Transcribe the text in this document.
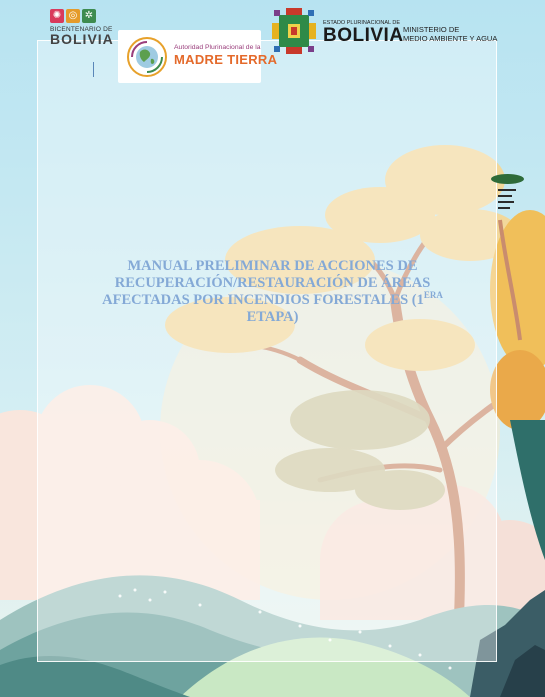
✺ ◎ ✲
BICENTENARIO DE
BOLIVIA
Autoridad Plurinacional de la
MADRE TIERRA
ESTADO PLURINACIONAL DE
BOLIVIA MINISTERIO DE
MEDIO AMBIENTE Y AGUA
MANUAL PRELIMINAR DE ACCIONES DE
RECUPERACIÓN/RESTAURACIÓN DE ÁREAS
AFECTADAS POR INCENDIOS FORESTALES ($1^{ERA}$
ETAPA)
